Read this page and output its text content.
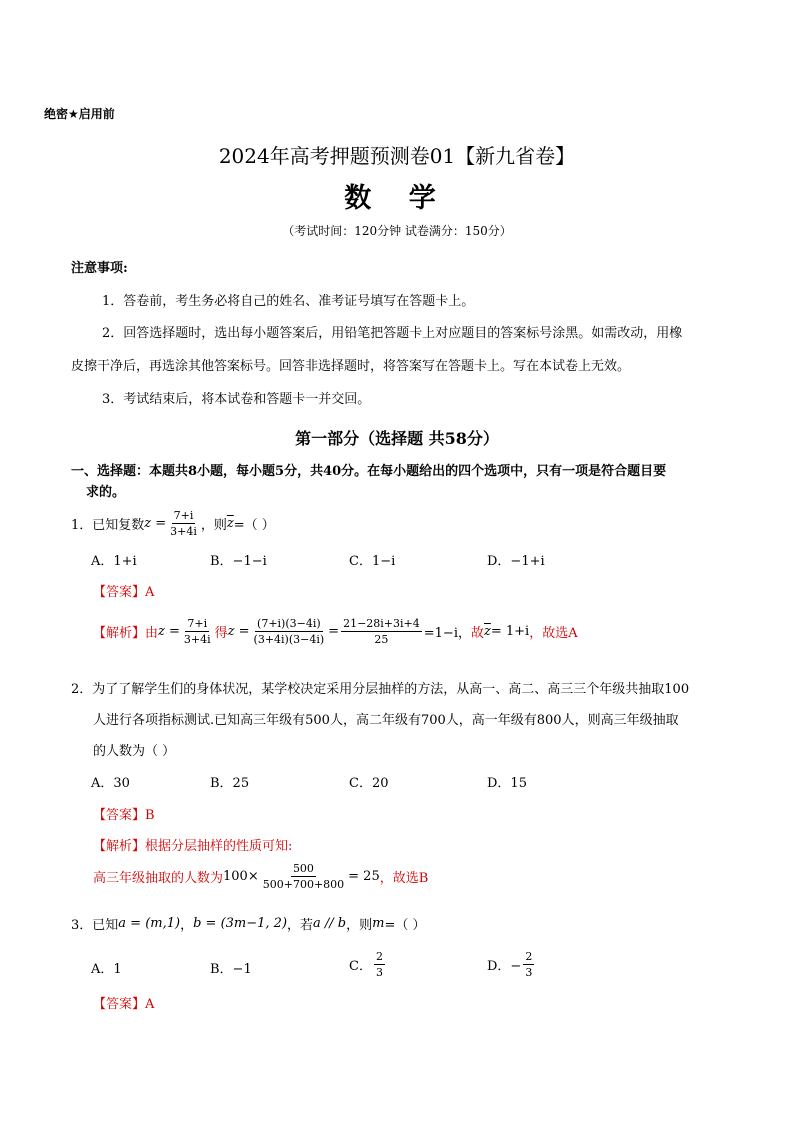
绝密★启用前
2024年高考押题预测卷01【新九省卷】
数 学
（考试时间：120分钟 试卷满分：150分）
注意事项:
1．答卷前，考生务必将自己的姓名、准考证号填写在答题卡上。
2．回答选择题时，选出每小题答案后，用铅笔把答题卡上对应题目的答案标号涂黑。如需改动，用橡
皮擦干净后，再选涂其他答案标号。回答非选择题时，将答案写在答题卡上。写在本试卷上无效。
3．考试结束后，将本试卷和答题卡一并交回。
第一部分（选择题 共58分）
一、选择题：本题共8小题，每小题5分，共40分。在每小题给出的四个选项中，只有一项是符合题目要
求的。
1．已知复数 $z = \frac{7+i}{3+4i}$ ，则 $\overline{z}$ =（ ）
A．1+i	B．−1−i	C．1−i	D．−1+i
【答案】A
【解析】 由 $z = \frac{7+i}{3+4i}$ 得 $z = \frac{(7+i)(3-4i)}{(3+4i)(3-4i)} = \frac{21-28i+3i+4}{25} =1-i$， 故 $\overline{z} = 1+i$ ，故选A
2．为了了解学生们的身体状况，某学校决定采用分层抽样的方法，从高一、高二、高三三个年级共抽取100
人进行各项指标测试.已知高三年级有500人，高二年级有700人，高一年级有800人，则高三年级抽取
的人数为（ ）
A．30	B．25	C．20	D．15
【答案】B
【解析】根据分层抽样的性质可知:
高三年级抽取的人数为 $100\times \frac{500}{500+700+800} = 25$ ，故选B
3．已知 a = (m,1) ， b = (3m−1, 2) ，若 a // b ，则 m =（ ）
A．1	B．−1	C． $\frac{2}{3}$	D．− $\frac{2}{3}$
【答案】A
